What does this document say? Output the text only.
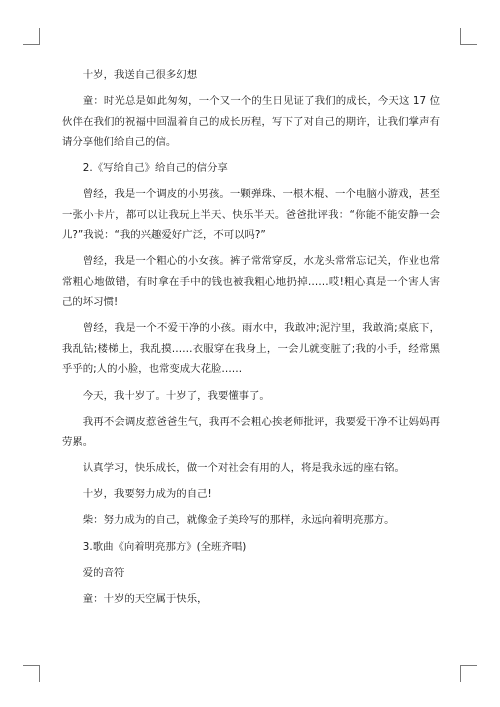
十岁，我送自己很多幻想

童：时光总是如此匆匆，一个又一个的生日见证了我们的成长，今天这 17 位伙伴在我们的祝福中回温着自己的成长历程，写下了对自己的期许，让我们掌声有请分享他们给自己的信。

2.《写给自己》给自己的信分享

曾经，我是一个调皮的小男孩。一颗弹珠、一根木棍、一个电脑小游戏，甚至一张小卡片，都可以让我玩上半天、快乐半天。爸爸批评我：“你能不能安静一会儿?”我说：“我的兴趣爱好广泛，不可以吗?”

曾经，我是一个粗心的小女孩。裤子常常穿反，水龙头常常忘记关，作业也常常粗心地做错，有时拿在手中的钱也被我粗心地扔掉……哎!粗心真是一个害人害己的坏习惯!

曾经，我是一个不爱干净的小孩。雨水中，我敢冲;泥泞里，我敢淌;桌底下，我乱钻;楼梯上，我乱摸……衣服穿在我身上，一会儿就变脏了;我的小手，经常黑乎乎的;人的小脸，也常变成大花脸……

今天，我十岁了。十岁了，我要懂事了。

我再不会调皮惹爸爸生气，我再不会粗心挨老师批评，我要爱干净不让妈妈再劳累。

认真学习，快乐成长，做一个对社会有用的人，将是我永远的座右铭。

十岁，我要努力成为的自己!

柴：努力成为的自己，就像金子美玲写的那样，永远向着明亮那方。

3.歌曲《向着明亮那方》(全班齐唱)

爱的音符

童：十岁的天空属于快乐，
